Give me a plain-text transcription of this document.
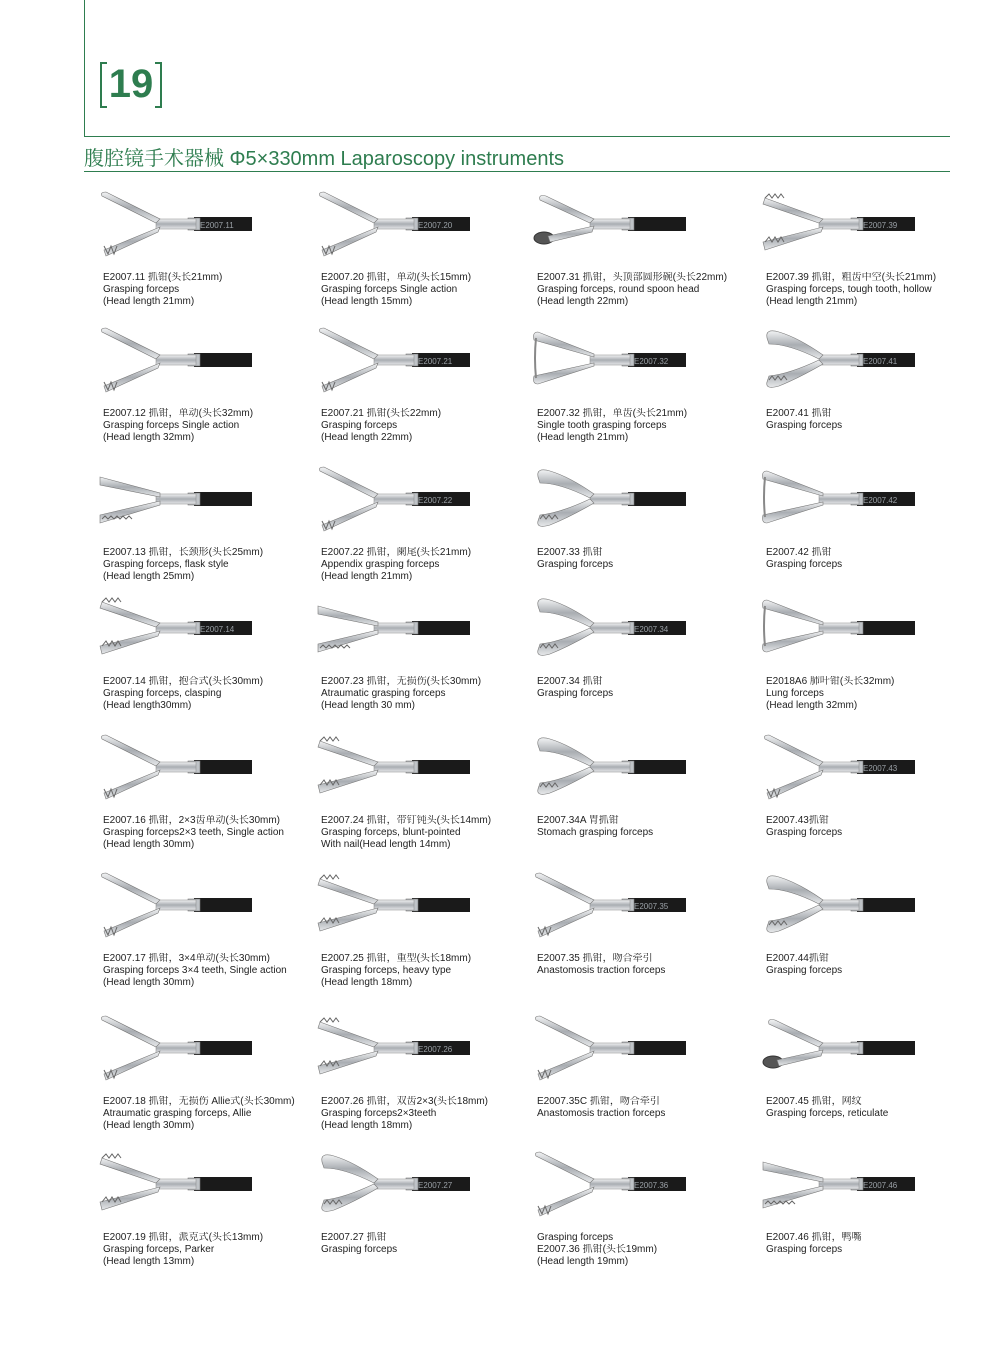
19
腹腔镜手术器械 Φ5×330mm Laparoscopy instruments
E2007.11
E2007.11 抓钳(头长21mm)
Grasping forceps
(Head length 21mm)
E2007.20
E2007.20 抓钳，单动(头长15mm)
Grasping forceps Single action
(Head length 15mm)
E2007.31 抓钳，头顶部圆形碗(头长22mm)
Grasping forceps, round spoon head
(Head length 22mm)
E2007.39
E2007.39 抓钳，粗齿中空(头长21mm)
Grasping forceps, tough tooth, hollow
(Head length 21mm)
E2007.12 抓钳，单动(头长32mm)
Grasping forceps Single action
(Head length 32mm)
E2007.21
E2007.21 抓钳(头长22mm)
Grasping forceps
(Head length 22mm)
E2007.32
E2007.32 抓钳，单齿(头长21mm)
Single tooth grasping forceps
(Head length 21mm)
E2007.41
E2007.41 抓钳
Grasping forceps
E2007.13 抓钳，长颈形(头长25mm)
Grasping forceps, flask style
(Head length 25mm)
E2007.22
E2007.22 抓钳，阑尾(头长21mm)
Appendix grasping forceps
(Head length 21mm)
E2007.33 抓钳
Grasping forceps
E2007.42
E2007.42 抓钳
Grasping forceps
E2007.14
E2007.14 抓钳，抱合式(头长30mm)
Grasping forceps, clasping
(Head length30mm)
E2007.23 抓钳，无损伤(头长30mm)
Atraumatic grasping forceps
(Head length 30 mm)
E2007.34
E2007.34 抓钳
Grasping forceps
E2018A6 肺叶钳(头长32mm)
Lung forceps
(Head length 32mm)
E2007.16 抓钳，2×3齿单动(头长30mm)
Grasping forceps2×3 teeth, Single action
(Head length 30mm)
E2007.24 抓钳，带钉钝头(头长14mm)
Grasping forceps, blunt-pointed
With nail(Head length 14mm)
E2007.34A 胃抓钳
Stomach grasping forceps
E2007.43
E2007.43抓钳
Grasping forceps
E2007.17 抓钳，3×4单动(头长30mm)
Grasping forceps 3×4 teeth, Single action
(Head length 30mm)
E2007.25 抓钳，重型(头长18mm)
Grasping forceps, heavy type
(Head length 18mm)
E2007.35
E2007.35 抓钳，吻合牵引
Anastomosis traction forceps
E2007.44抓钳
Grasping forceps
E2007.18 抓钳，无损伤 Allie式(头长30mm)
Atraumatic grasping forceps, Allie
(Head length 30mm)
E2007.26
E2007.26 抓钳，双齿2×3(头长18mm)
Grasping forceps2×3teeth
(Head length 18mm)
E2007.35C 抓钳，吻合牵引
Anastomosis traction forceps
E2007.45 抓钳，网纹
Grasping forceps, reticulate
E2007.19 抓钳，派克式(头长13mm)
Grasping forceps, Parker
(Head length 13mm)
E2007.27
E2007.27 抓钳
Grasping forceps
E2007.36
Grasping forceps
E2007.36 抓钳(头长19mm)
(Head length 19mm)
E2007.46
E2007.46 抓钳，鸭嘴
Grasping forceps
